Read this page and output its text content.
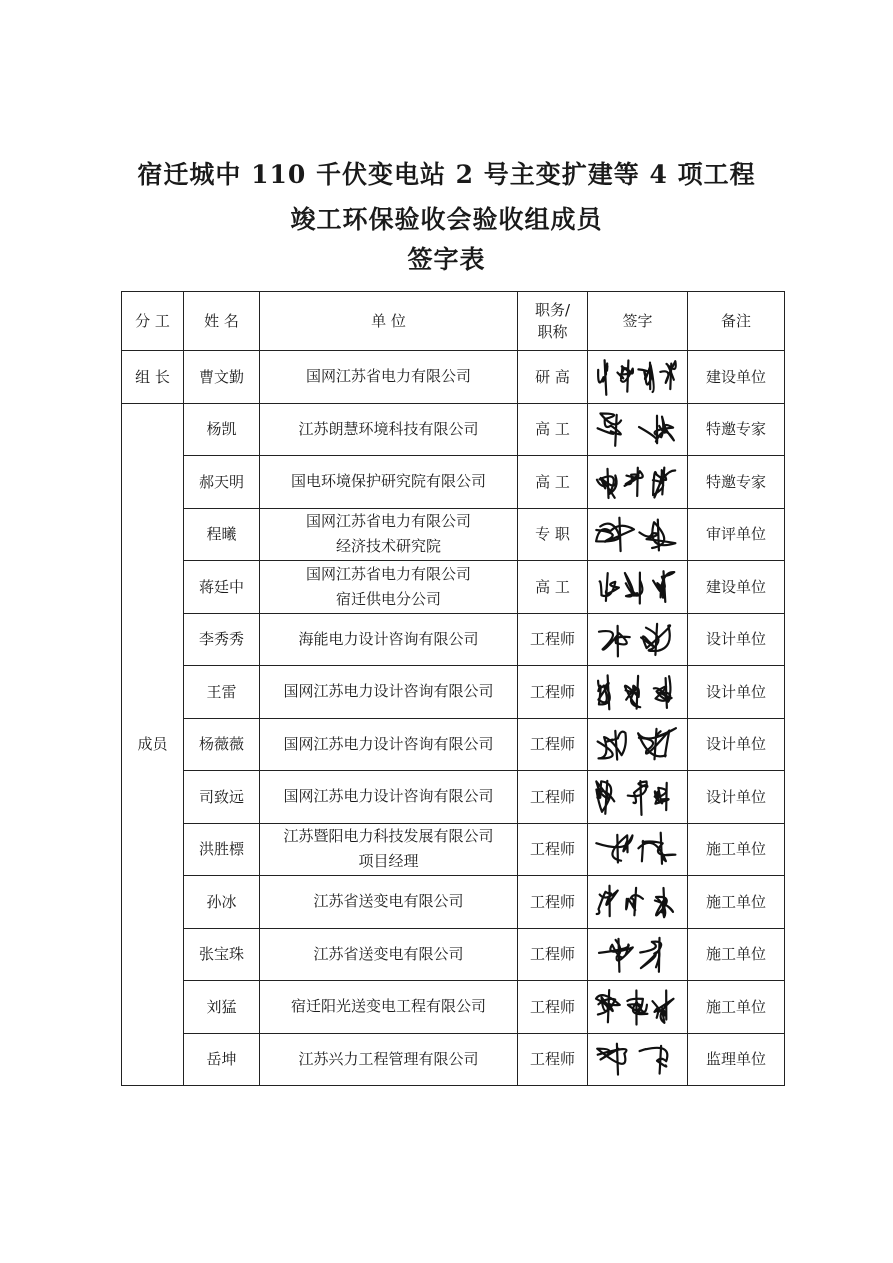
宿迁城中 110 千伏变电站 2 号主变扩建等 4 项工程
竣工环保验收会验收组成员
签字表
分 工	姓 名	单 位	职务/
职称	签字	备注
组 长	曹文勤	国网江苏省电力有限公司	研 高		建设单位
成员	杨凯	江苏朗慧环境科技有限公司	高 工		特邀专家
	郝天明	国电环境保护研究院有限公司	高 工		特邀专家
	程曦	国网江苏省电力有限公司
经济技术研究院	专 职		审评单位
	蒋廷中	国网江苏省电力有限公司
宿迁供电分公司	高 工		建设单位
	李秀秀	海能电力设计咨询有限公司	工程师		设计单位
	王雷	国网江苏电力设计咨询有限公司	工程师		设计单位
	杨薇薇	国网江苏电力设计咨询有限公司	工程师		设计单位
	司致远	国网江苏电力设计咨询有限公司	工程师		设计单位
	洪胜標	江苏暨阳电力科技发展有限公司
项目经理	工程师		施工单位
	孙冰	江苏省送变电有限公司	工程师		施工单位
	张宝珠	江苏省送变电有限公司	工程师		施工单位
	刘猛	宿迁阳光送变电工程有限公司	工程师		施工单位
	岳坤	江苏兴力工程管理有限公司	工程师		监理单位
